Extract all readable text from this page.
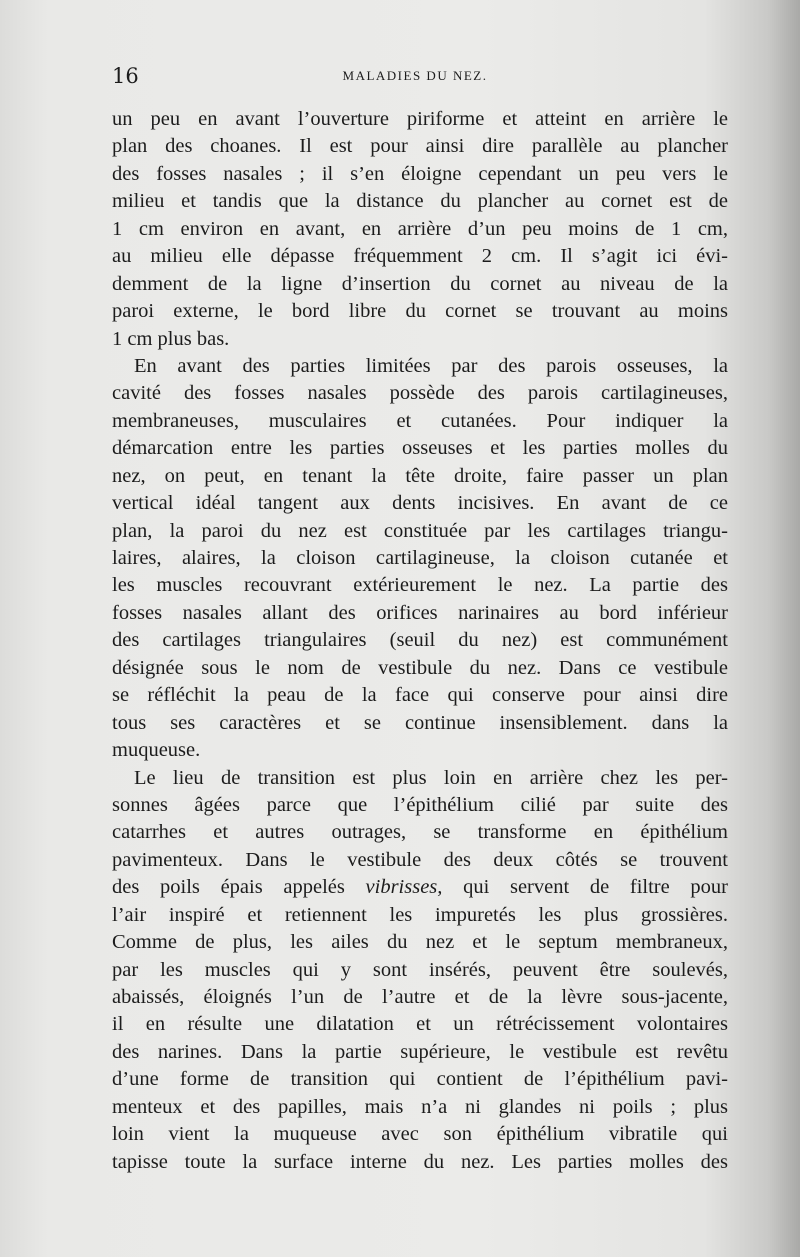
16	MALADIES DU NEZ.
un peu en avant l’ouverture piriforme et atteint en arrière le
plan des choanes. Il est pour ainsi dire parallèle au plancher
des fosses nasales ; il s’en éloigne cependant un peu vers le
milieu et tandis que la distance du plancher au cornet est de
1 cm environ en avant, en arrière d’un peu moins de 1 cm,
au milieu elle dépasse fréquemment 2 cm. Il s’agit ici évi-
demment de la ligne d’insertion du cornet au niveau de la
paroi externe, le bord libre du cornet se trouvant au moins
1 cm plus bas.
En avant des parties limitées par des parois osseuses, la
cavité des fosses nasales possède des parois cartilagineuses,
membraneuses, musculaires et cutanées. Pour indiquer la
démarcation entre les parties osseuses et les parties molles du
nez, on peut, en tenant la tête droite, faire passer un plan
vertical idéal tangent aux dents incisives. En avant de ce
plan, la paroi du nez est constituée par les cartilages triangu-
laires, alaires, la cloison cartilagineuse, la cloison cutanée et
les muscles recouvrant extérieurement le nez. La partie des
fosses nasales allant des orifices narinaires au bord inférieur
des cartilages triangulaires (seuil du nez) est communément
désignée sous le nom de vestibule du nez. Dans ce vestibule
se réfléchit la peau de la face qui conserve pour ainsi dire
tous ses caractères et se continue insensiblement. dans la
muqueuse.
Le lieu de transition est plus loin en arrière chez les per-
sonnes âgées parce que l’épithélium cilié par suite des
catarrhes et autres outrages, se transforme en épithélium
pavimenteux. Dans le vestibule des deux côtés se trouvent
des poils épais appelés vibrisses, qui servent de filtre pour
l’air inspiré et retiennent les impuretés les plus grossières.
Comme de plus, les ailes du nez et le septum membraneux,
par les muscles qui y sont insérés, peuvent être soulevés,
abaissés, éloignés l’un de l’autre et de la lèvre sous-jacente,
il en résulte une dilatation et un rétrécissement volontaires
des narines. Dans la partie supérieure, le vestibule est revêtu
d’une forme de transition qui contient de l’épithélium pavi-
menteux et des papilles, mais n’a ni glandes ni poils ; plus
loin vient la muqueuse avec son épithélium vibratile qui
tapisse toute la surface interne du nez. Les parties molles des
